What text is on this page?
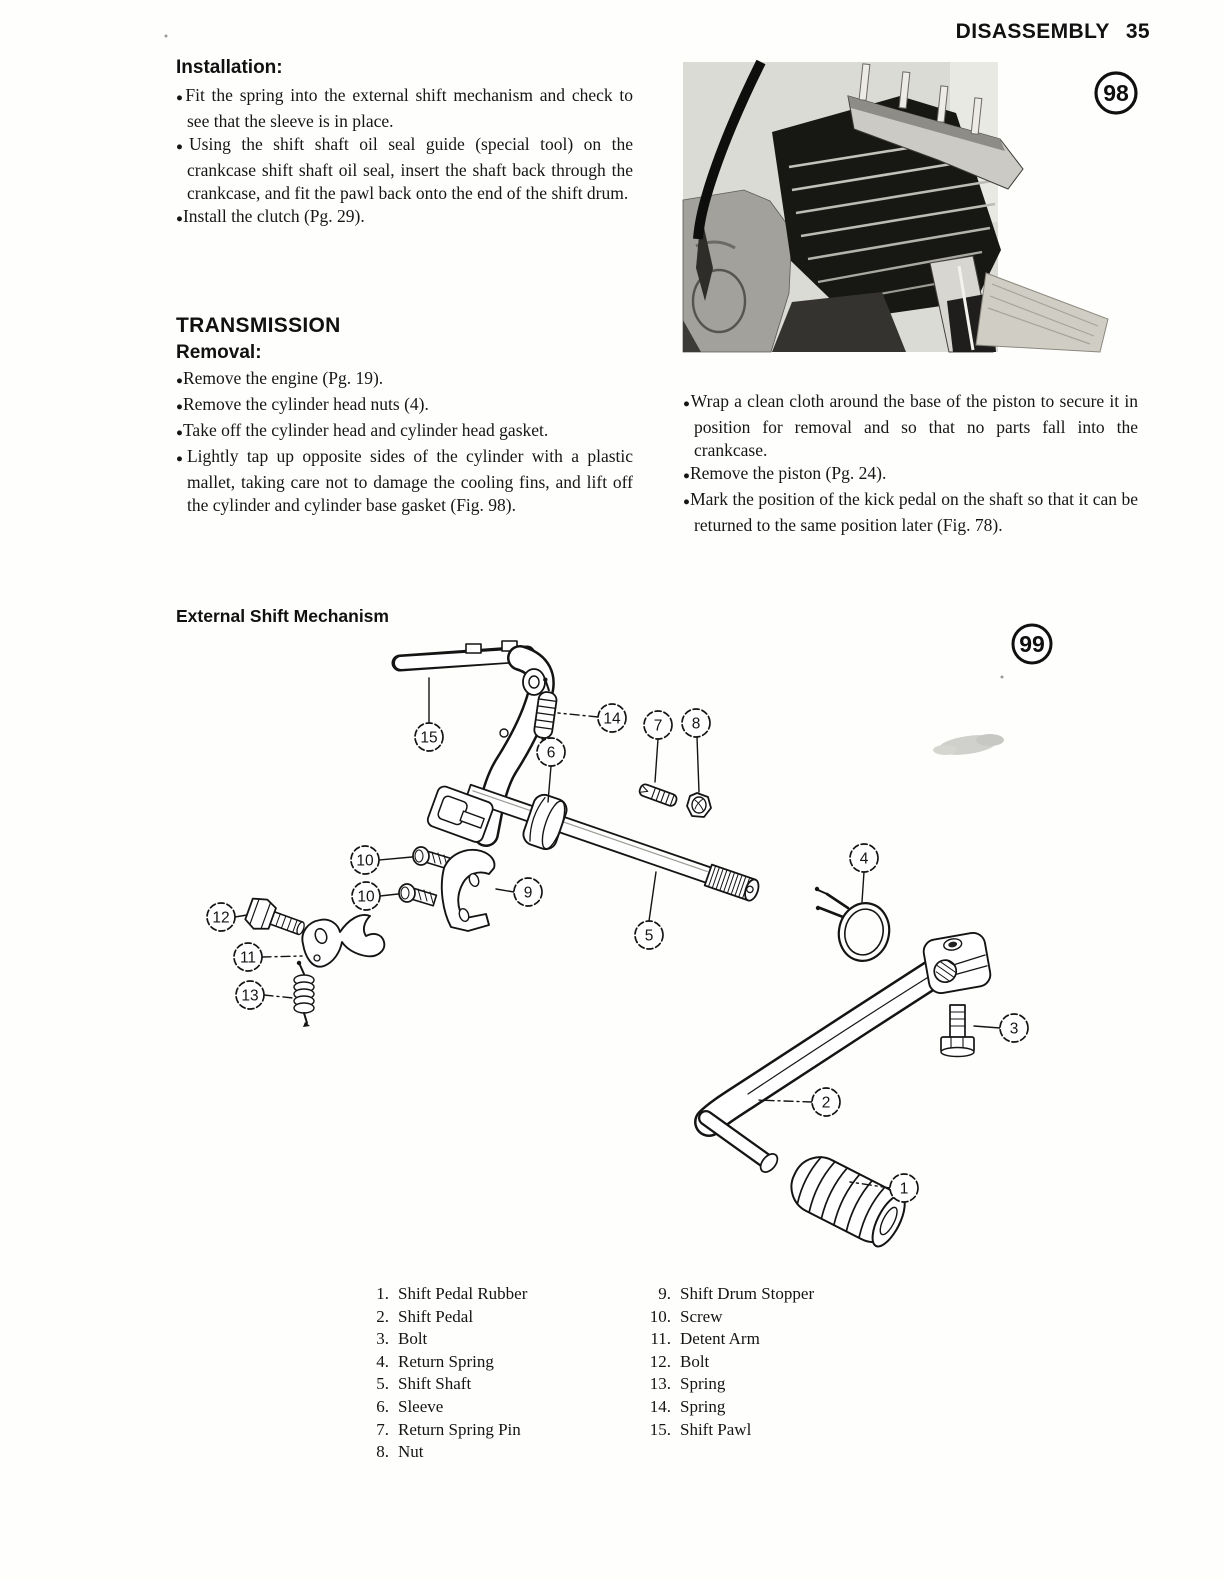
DISASSEMBLY 35
Installation:
● Fit the spring into the external shift mechanism and check to see that the sleeve is in place.
● Using the shift shaft oil seal guide (special tool) on the crankcase shift shaft oil seal, insert the shaft back through the crankcase, and fit the pawl back onto the end of the shift drum.
● Install the clutch (Pg. 29).
TRANSMISSION
Removal:
● Remove the engine (Pg. 19).
● Remove the cylinder head nuts (4).
● Take off the cylinder head and cylinder head gasket.
● Lightly tap up opposite sides of the cylinder with a plastic mallet, taking care not to damage the cooling fins, and lift off the cylinder and cylinder base gasket (Fig. 98).
● Wrap a clean cloth around the base of the piston to secure it in position for removal and so that no parts fall into the crankcase.
● Remove the piston (Pg. 24).
● Mark the position of the kick pedal on the shaft so that it can be returned to the same position later (Fig. 78).
External Shift Mechanism
1. Shift Pedal Rubber
2. Shift Pedal
3. Bolt
4. Return Spring
5. Shift Shaft
6. Sleeve
7. Return Spring Pin
8. Nut
9. Shift Drum Stopper
10. Screw
11. Detent Arm
12. Bolt
13. Spring
14. Spring
15. Shift Pawl
98
99
15
14
6
7 8
10
10	9
12
11
13
5
4
3
2
1
